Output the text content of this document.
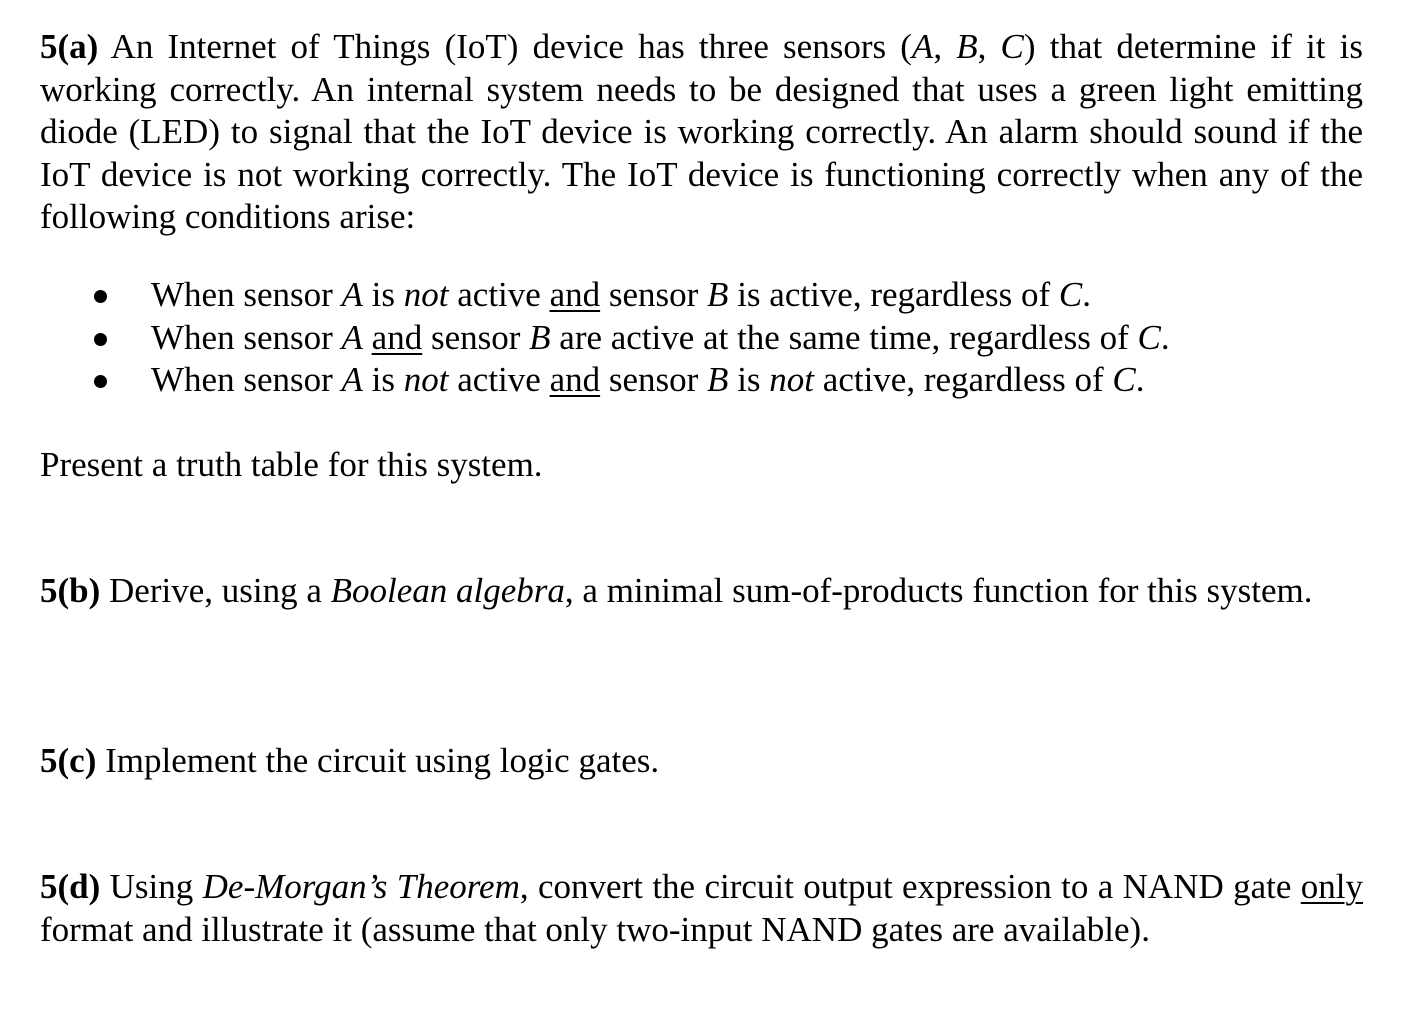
5(a) An Internet of Things (IoT) device has three sensors (A, B, C) that determine if it is working correctly. An internal system needs to be designed that uses a green light emitting diode (LED) to signal that the IoT device is working correctly. An alarm should sound if the IoT device is not working correctly. The IoT device is functioning correctly when any of the following conditions arise:

When sensor A is not active and sensor B is active, regardless of C.
When sensor A and sensor B are active at the same time, regardless of C.
When sensor A is not active and sensor B is not active, regardless of C.

Present a truth table for this system.

5(b) Derive, using a Boolean algebra, a minimal sum-of-products function for this system.

5(c) Implement the circuit using logic gates.

5(d) Using De-Morgan’s Theorem, convert the circuit output expression to a NAND gate only format and illustrate it (assume that only two-input NAND gates are available).
